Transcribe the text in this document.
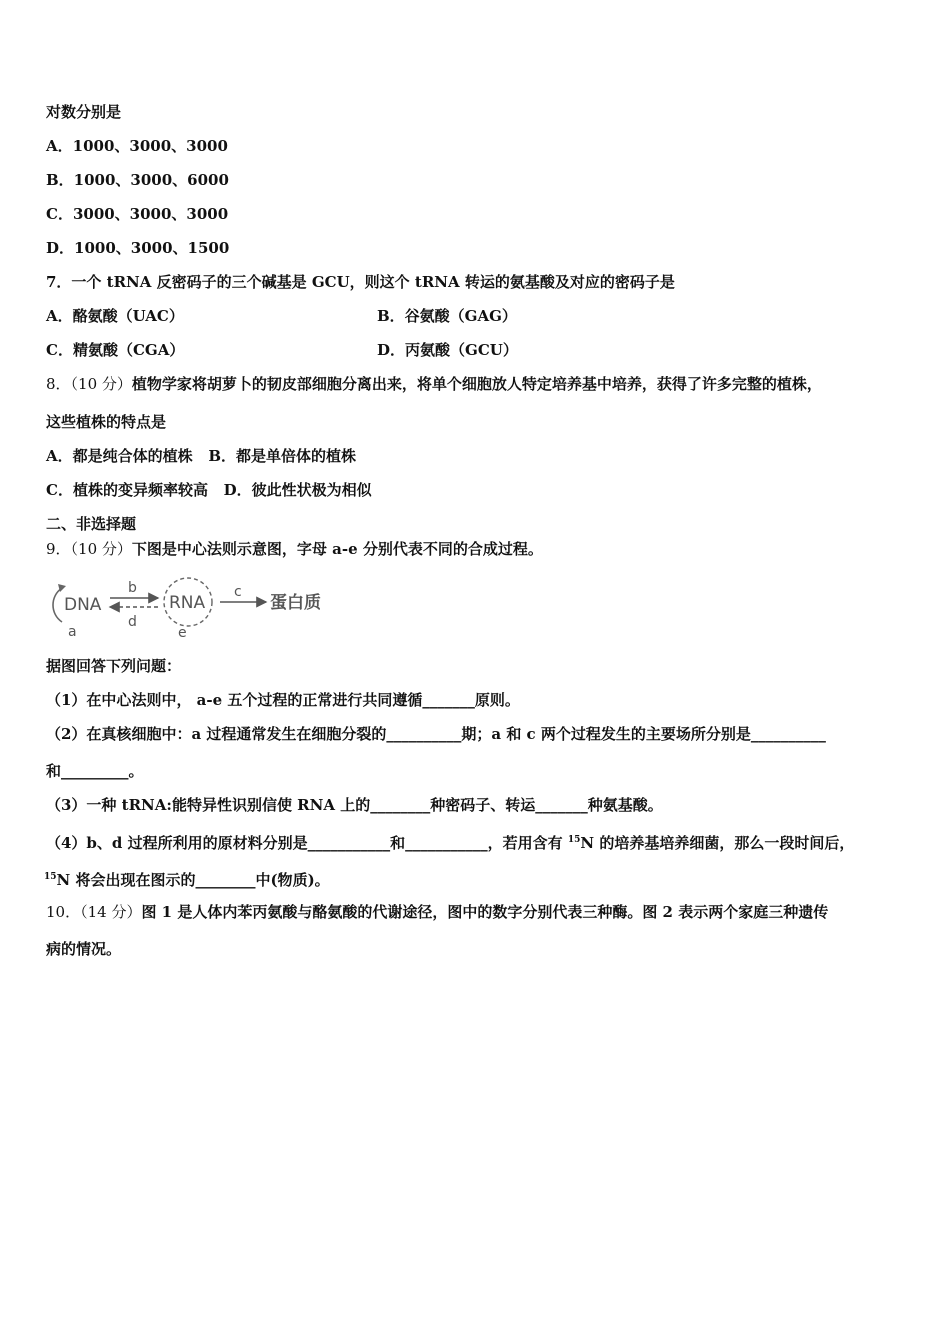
对数分别是
A．1000、3000、3000
B．1000、3000、6000
C．3000、3000、3000
D．1000、3000、1500
7．一个 tRNA 反密码子的三个碱基是 GCU，则这个 tRNA 转运的氨基酸及对应的密码子是
A．酪氨酸（UAC）	B．谷氨酸（GAG）
C．精氨酸（CGA）	D．丙氨酸（GCU）
8．（10 分）植物学家将胡萝卜的韧皮部细胞分离出来，将单个细胞放人特定培养基中培养，获得了许多完整的植株，
这些植株的特点是
A．都是纯合体的植株 B．都是单倍体的植株
C．植株的变异频率较高 D．彼此性状极为相似
二、非选择题
9．（10 分）下图是中心法则示意图，字母 a-e 分别代表不同的合成过程。
DNA
b
d
RNA
c
蛋白质
a	e
据图回答下列问题：
（1）在中心法则中， a-e 五个过程的正常进行共同遵循_______原则。
（2）在真核细胞中：a 过程通常发生在细胞分裂的__________期；a 和 c 两个过程发生的主要场所分别是__________
和_________。
（3）一种 tRNA:能特异性识别信使 RNA 上的________种密码子、转运_______种氨基酸。
（4）b、d 过程所利用的原材料分别是___________和___________，若用含有 $^{15}$N 的培养基培养细菌，那么一段时间后，
$^{15}$N 将会出现在图示的________中(物质)。
10．（14 分）图 1 是人体内苯丙氨酸与酪氨酸的代谢途径，图中的数字分别代表三种酶。图 2 表示两个家庭三种遗传
病的情况。
